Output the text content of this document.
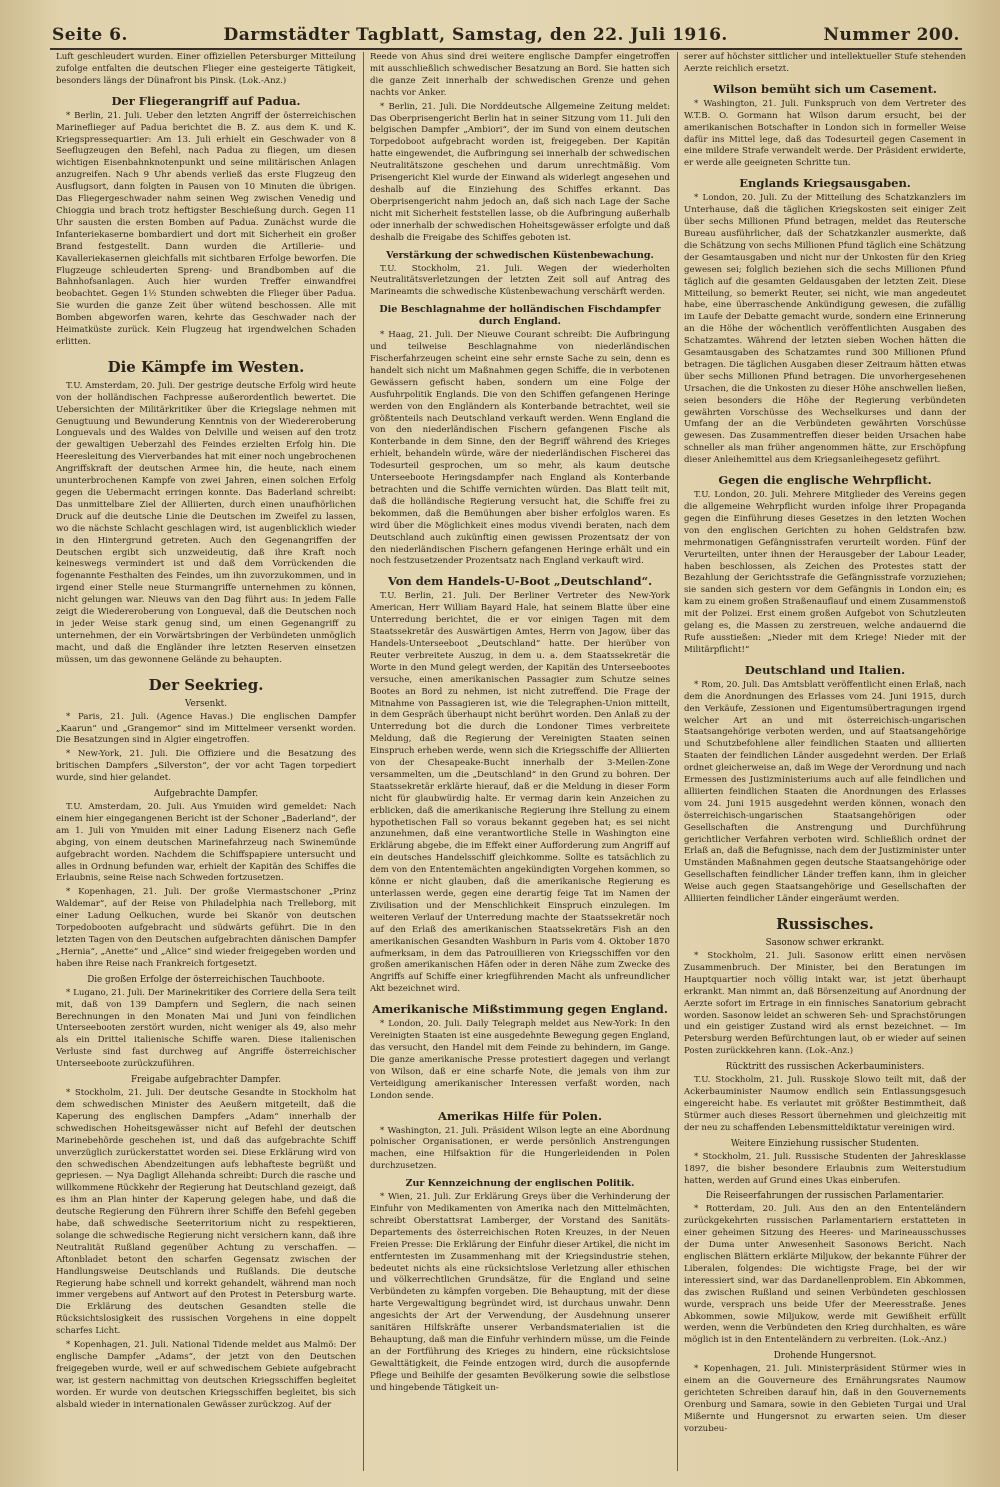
Seite 6.	Darmstädter Tagblatt, Samstag, den 22. Juli 1916.	Nummer 200.

Luft geschleudert wurden. Einer offiziellen Petersburger Mitteilung zufolge entfalten die deutschen Flieger eine gesteigerte Tätigkeit, besonders längs der Dünafront bis Pinsk. (Lok.-Anz.)

Der Fliegerangriff auf Padua.

* Berlin, 21. Juli. Ueber den letzten Angriff der österreichischen Marineflieger auf Padua berichtet die B. Z. aus dem K. und K. Kriegspressequartier: Am 13. Juli erhielt ein Geschwader von 8 Seeflugzeugen den Befehl, nach Padua zu fliegen, um diesen wichtigen Eisenbahnknotenpunkt und seine militärischen Anlagen anzugreifen. Nach 9 Uhr abends verließ das erste Flugzeug den Ausflugsort, dann folgten in Pausen von 10 Minuten die übrigen. Das Fliegergeschwader nahm seinen Weg zwischen Venedig und Chioggia und brach trotz heftigster Beschießung durch. Gegen 11 Uhr sausten die ersten Bomben auf Padua. Zunächst wurde die Infanteriekaserne bombardiert und dort mit Sicherheit ein großer Brand festgestellt. Dann wurden die Artillerie- und Kavalleriekasernen gleichfalls mit sichtbaren Erfolge beworfen. Die Flugzeuge schleuderten Spreng- und Brandbomben auf die Bahnhofsanlagen. Auch hier wurden Treffer einwandfrei beobachtet. Gegen 1½ Stunden schwebten die Flieger über Padua. Sie wurden die ganze Zeit über wütend beschossen. Alle mit Bomben abgeworfen waren, kehrte das Geschwader nach der Heimatküste zurück. Kein Flugzeug hat irgendwelchen Schaden erlitten.

Die Kämpfe im Westen.

T.U. Amsterdam, 20. Juli. Der gestrige deutsche Erfolg wird heute von der holländischen Fachpresse außerordentlich bewertet. Die Uebersichten der Militärkritiker über die Kriegslage nehmen mit Genugtuung und Bewunderung Kenntnis von der Wiedereroberung Longuevals und des Waldes von Delville und weisen auf den trotz der gewaltigen Ueberzahl des Feindes erzielten Erfolg hin. Die Heeresleitung des Vierverbandes hat mit einer noch ungebrochenen Angriffskraft der deutschen Armee hin, die heute, nach einem ununterbrochenen Kampfe von zwei Jahren, einen solchen Erfolg gegen die Uebermacht erringen konnte. Das Baderland schreibt: Das unmittelbare Ziel der Alliierten, durch einen unaufhörlichen Druck auf die deutsche Linie die Deutschen im Zweifel zu lassen, wo die nächste Schlacht geschlagen wird, ist augenblicklich wieder in den Hintergrund getreten. Auch den Gegenangriffen der Deutschen ergibt sich unzweideutig, daß ihre Kraft noch keineswegs vermindert ist und daß dem Vorrückenden die fogenannte Festhalten des Feindes, um ihn zuvorzukommen, und in irgend einer Stelle neue Sturmangriffe unternehmen zu können, nicht gelungen war. Nieuws van den Dag führt aus: In jedem Falle zeigt die Wiedereroberung von Longueval, daß die Deutschen noch in jeder Weise stark genug sind, um einen Gegenangriff zu unternehmen, der ein Vorwärtsbringen der Verbündeten unmöglich macht, und daß die Engländer ihre letzten Reserven einsetzen müssen, um das gewonnene Gelände zu behaupten.

Der Seekrieg.
Versenkt.

* Paris, 21. Juli. (Agence Havas.) Die englischen Dampfer „Kaarun“ und „Grangemor“ sind im Mittelmeer versenkt worden. Die Besatzungen sind in Algier eingetroffen.

* New-York, 21. Juli. Die Offiziere und die Besatzung des britischen Dampfers „Silverston“, der vor acht Tagen torpediert wurde, sind hier gelandet.

Aufgebrachte Dampfer.

T.U. Amsterdam, 20. Juli. Aus Ymuiden wird gemeldet: Nach einem hier eingegangenen Bericht ist der Schoner „Baderland“, der am 1. Juli von Ymuiden mit einer Ladung Eisenerz nach Gefle abging, von einem deutschen Marinefahrzeug nach Swinemünde aufgebracht worden. Nachdem die Schiffspapiere untersucht und alles in Ordnung befunden war, erhielt der Kapitän des Schiffes die Erlaubnis, seine Reise nach Schweden fortzusetzen.

* Kopenhagen, 21. Juli. Der große Viermastschoner „Prinz Waldemar“, auf der Reise von Philadelphia nach Trelleborg, mit einer Ladung Oelkuchen, wurde bei Skanör von deutschen Torpedobooten aufgebracht und südwärts geführt. Die in den letzten Tagen von den Deutschen aufgebrachten dänischen Dampfer „Hernia“, „Anette“ und „Alice“ sind wieder freigegeben worden und haben ihre Reise nach Frankreich fortgesetzt.

Die großen Erfolge der österreichischen Tauchboote.

* Lugano, 21. Juli. Der Marinekritiker des Corriere della Sera teilt mit, daß von 139 Dampfern und Seglern, die nach seinen Berechnungen in den Monaten Mai und Juni von feindlichen Unterseebooten zerstört wurden, nicht weniger als 49, also mehr als ein Drittel italienische Schiffe waren. Diese italienischen Verluste sind fast durchweg auf Angriffe österreichischer Unterseeboote zurückzuführen.

Freigabe aufgebrachter Dampfer.

* Stockholm, 21. Juli. Der deutsche Gesandte in Stockholm hat dem schwedischen Minister des Aeußern mitgeteilt, daß die Kaperung des englischen Dampfers „Adam“ innerhalb der schwedischen Hoheitsgewässer nicht auf Befehl der deutschen Marinebehörde geschehen ist, und daß das aufgebrachte Schiff unverzüglich zurückerstattet worden sei. Diese Erklärung wird von den schwedischen Abendzeitungen aufs lebhafteste begrüßt und gepriesen. — Nya Dagligt Allehanda schreibt: Durch die rasche und willkommene Rückkehr der Regierung hat Deutschland gezeigt, daß es ihm an Plan hinter der Kaperung gelegen habe, und daß die deutsche Regierung den Führern ihrer Schiffe den Befehl gegeben habe, daß schwedische Seeterritorium nicht zu respektieren, solange die schwedische Regierung nicht versichern kann, daß ihre Neutralität Rußland gegenüber Achtung zu verschaffen. — Aftonbladet betont den scharfen Gegensatz zwischen der Handlungsweise Deutschlands und Rußlands. Die deutsche Regierung habe schnell und korrekt gehandelt, während man noch immer vergebens auf Antwort auf den Protest in Petersburg warte. Die Erklärung des deutschen Gesandten stelle die Rücksichtslosigkeit des russischen Vorgehens in eine doppelt scharfes Licht.

* Kopenhagen, 21. Juli. National Tidende meldet aus Malmö: Der englische Dampfer „Adams“, der jetzt von den Deutschen freigegeben wurde, weil er auf schwedischem Gebiete aufgebracht war, ist gestern nachmittag von deutschen Kriegsschiffen begleitet worden. Er wurde von deutschen Kriegsschiffen begleitet, bis sich alsbald wieder in internationalen Gewässer zurückzog. Auf der

Reede von Ahus sind drei weitere englische Dampfer eingetroffen mit ausschließlich schwedischer Besatzung an Bord. Sie hatten sich die ganze Zeit innerhalb der schwedischen Grenze und gehen nachts vor Anker.

* Berlin, 21. Juli. Die Norddeutsche Allgemeine Zeitung meldet: Das Oberprisengericht Berlin hat in seiner Sitzung vom 11. Juli den belgischen Dampfer „Ambiori“, der im Sund von einem deutschen Torpedoboot aufgebracht worden ist, freigegeben. Der Kapitän hatte eingewendet, die Aufbringung sei innerhalb der schwedischen Neutralitätszone geschehen und darum unrechtmäßig. Vom Prisengericht Kiel wurde der Einwand als widerlegt angesehen und deshalb auf die Einziehung des Schiffes erkannt. Das Oberprisengericht nahm jedoch an, daß sich nach Lage der Sache nicht mit Sicherheit feststellen lasse, ob die Aufbringung außerhalb oder innerhalb der schwedischen Hoheitsgewässer erfolgte und daß deshalb die Freigabe des Schiffes geboten ist.

Verstärkung der schwedischen Küstenbewachung.

T.U. Stockholm, 21. Juli. Wegen der wiederholten Neutralitätsverletzungen der letzten Zeit soll auf Antrag des Marineamts die schwedische Küstenbewachung verschärft werden.

Die Beschlagnahme der holländischen Fischdampfer durch England.

* Haag, 21. Juli. Der Nieuwe Courant schreibt: Die Aufbringung und teilweise Beschlagnahme von niederländischen Fischerfahrzeugen scheint eine sehr ernste Sache zu sein, denn es handelt sich nicht um Maßnahmen gegen Schiffe, die in verbotenen Gewässern gefischt haben, sondern um eine Folge der Ausfuhrpolitik Englands. Die von den Schiffen gefangenen Heringe werden von den Engländern als Konterbande betrachtet, weil sie größtenteils nach Deutschland verkauft werden. Wenn England die von den niederländischen Fischern gefangenen Fische als Konterbande in dem Sinne, den der Begriff während des Krieges erhielt, behandeln würde, wäre der niederländischen Fischerei das Todesurteil gesprochen, um so mehr, als kaum deutsche Unterseeboote Heringsdampfer nach England als Konterbande betrachten und die Schiffe vernichten würden. Das Blatt teilt mit, daß die holländische Regierung versucht hat, die Schiffe frei zu bekommen, daß die Bemühungen aber bisher erfolglos waren. Es wird über die Möglichkeit eines modus vivendi beraten, nach dem Deutschland auch zukünftig einen gewissen Prozentsatz der von den niederländischen Fischern gefangenen Heringe erhält und ein noch festzusetzender Prozentsatz nach England verkauft wird.

Von dem Handels-U-Boot „Deutschland“.

T.U. Berlin, 21. Juli. Der Berliner Vertreter des New-York American, Herr William Bayard Hale, hat seinem Blatte über eine Unterredung berichtet, die er vor einigen Tagen mit dem Staatssekretär des Auswärtigen Amtes, Herrn von Jagow, über das Handels-Unterseeboot „Deutschland“ hatte. Der hierüber von Reuter verbreitete Auszug, in dem u. a. dem Staatssekretär die Worte in den Mund gelegt werden, der Kapitän des Unterseebootes versuche, einen amerikanischen Passagier zum Schutze seines Bootes an Bord zu nehmen, ist nicht zutreffend. Die Frage der Mitnahme von Passagieren ist, wie die Telegraphen-Union mitteilt, in dem Gespräch überhaupt nicht berührt worden. Den Anlaß zu der Unterredung bot die durch die Londoner Times verbreitete Meldung, daß die Regierung der Vereinigten Staaten seinen Einspruch erheben werde, wenn sich die Kriegsschiffe der Alliierten von der Chesapeake-Bucht innerhalb der 3-Meilen-Zone versammelten, um die „Deutschland“ in den Grund zu bohren. Der Staatssekretär erklärte hierauf, daß er die Meldung in dieser Form nicht für glaubwürdig halte. Er vermag darin kein Anzeichen zu erblicken, daß die amerikanische Regierung ihre Stellung zu einem hypothetischen Fall so voraus bekannt gegeben hat; es sei nicht anzunehmen, daß eine verantwortliche Stelle in Washington eine Erklärung abgebe, die im Effekt einer Aufforderung zum Angriff auf ein deutsches Handelsschiff gleichkomme. Sollte es tatsächlich zu dem von den Ententemächten angekündigten Vorgehen kommen, so könne er nicht glauben, daß die amerikanische Regierung es unterlassen werde, gegen eine derartig feige Tat im Namen der Zivilisation und der Menschlichkeit Einspruch einzulegen. Im weiteren Verlauf der Unterredung machte der Staatssekretär noch auf den Erlaß des amerikanischen Staatssekretärs Fish an den amerikanischen Gesandten Washburn in Paris vom 4. Oktober 1870 aufmerksam, in dem das Patrouillieren von Kriegsschiffen vor den großen amerikanischen Häfen oder in deren Nähe zum Zwecke des Angriffs auf Schiffe einer kriegführenden Macht als unfreundlicher Akt bezeichnet wird.

Amerikanische Mißstimmung gegen England.

* London, 20. Juli. Daily Telegraph meldet aus New-York: In den Vereinigten Staaten ist eine ausgedehnte Bewegung gegen England, das versucht, den Handel mit dem Feinde zu behindern, im Gange. Die ganze amerikanische Presse protestiert dagegen und verlangt von Wilson, daß er eine scharfe Note, die jemals von ihm zur Verteidigung amerikanischer Interessen verfaßt worden, nach London sende.

Amerikas Hilfe für Polen.

* Washington, 21. Juli. Präsident Wilson legte an eine Abordnung polnischer Organisationen, er werde persönlich Anstrengungen machen, eine Hilfsaktion für die Hungerleidenden in Polen durchzusetzen.

Zur Kennzeichnung der englischen Politik.

* Wien, 21. Juli. Zur Erklärung Greys über die Verhinderung der Einfuhr von Medikamenten von Amerika nach den Mittelmächten, schreibt Oberstattsrat Lamberger, der Vorstand des Sanitäts-Departements des österreichischen Roten Kreuzes, in der Neuen Freien Presse: Die Erklärung der Einfuhr dieser Artikel, die nicht im entferntesten im Zusammenhang mit der Kriegsindustrie stehen, bedeutet nichts als eine rücksichtslose Verletzung aller ethischen und völkerrechtlichen Grundsätze, für die England und seine Verbündeten zu kämpfen vorgeben. Die Behauptung, mit der diese harte Vergewaltigung begründet wird, ist durchaus unwahr. Denn angesichts der Art der Verwendung, der Ausdehnung unserer sanitären Hilfskräfte unserer Verbandsmaterialien ist die Behauptung, daß man die Einfuhr verhindern müsse, um die Feinde an der Fortführung des Krieges zu hindern, eine rücksichtslose Gewalttätigkeit, die Feinde entzogen wird, durch die ausopfernde Pflege und Beihilfe der gesamten Bevölkerung sowie die selbstlose und hingebende Tätigkeit un-

serer auf höchster sittlicher und intellektueller Stufe stehenden Aerzte reichlich ersetzt.

Wilson bemüht sich um Casement.

* Washington, 21. Juli. Funkspruch von dem Vertreter des W.T.B. O. Gormann hat Wilson darum ersucht, bei der amerikanischen Botschafter in London sich in formeller Weise dafür ins Mittel lege, daß das Todesurteil gegen Casement in eine mildere Strafe verwandelt werde. Der Präsident erwiderte, er werde alle geeigneten Schritte tun.

Englands Kriegsausgaben.

* London, 20. Juli. Zu der Mitteilung des Schatzkanzlers im Unterhause, daß die täglichen Kriegskosten seit einiger Zeit über sechs Millionen Pfund betragen, meldet das Reutersche Bureau ausführlicher, daß der Schatzkanzler ausmerkte, daß die Schätzung von sechs Millionen Pfund täglich eine Schätzung der Gesamtausgaben und nicht nur der Unkosten für den Krieg gewesen sei; folglich beziehen sich die sechs Millionen Pfund täglich auf die gesamten Geldausgaben der letzten Zeit. Diese Mitteilung, so bemerkt Reuter, sei nicht, wie man angedeutet habe, eine überraschende Ankündigung gewesen, die zufällig im Laufe der Debatte gemacht wurde, sondern eine Erinnerung an die Höhe der wöchentlich veröffentlichten Ausgaben des Schatzamtes. Während der letzten sieben Wochen hätten die Gesamtausgaben des Schatzamtes rund 300 Millionen Pfund betragen. Die täglichen Ausgaben dieser Zeitraum hätten etwas über sechs Millionen Pfund betragen. Die unvorhergesehenen Ursachen, die die Unkosten zu dieser Höhe anschwellen ließen, seien besonders die Höhe der Regierung verbündeten gewährten Vorschüsse des Wechselkurses und dann der Umfang der an die Verbündeten gewährten Vorschüsse gewesen. Das Zusammentreffen dieser beiden Ursachen habe schneller als man früher angenommen hätte, zur Erschöpfung dieser Anleihemittel aus dem Kriegsanleihegesetz geführt.

Gegen die englische Wehrpflicht.

T.U. London, 20. Juli. Mehrere Mitglieder des Vereins gegen die allgemeine Wehrpflicht wurden infolge ihrer Propaganda gegen die Einführung dieses Gesetzes in den letzten Wochen von den englischen Gerichten zu hohen Geldstrafen bzw. mehrmonatigen Gefängnisstrafen verurteilt worden. Fünf der Verurteilten, unter ihnen der Herausgeber der Labour Leader, haben beschlossen, als Zeichen des Protestes statt der Bezahlung der Gerichtsstrafe die Gefängnisstrafe vorzuziehen; sie sanden sich gestern vor dem Gefängnis in London ein; es kam zu einem großen Straßenauflauf und einem Zusammenstoß mit der Polizei. Erst einem großen Aufgebot von Schutzleuten gelang es, die Massen zu zerstreuen, welche andauernd die Rufe ausstießen: „Nieder mit dem Kriege! Nieder mit der Militärpflicht!“

Deutschland und Italien.

* Rom, 20. Juli. Das Amtsblatt veröffentlicht einen Erlaß, nach dem die Anordnungen des Erlasses vom 24. Juni 1915, durch den Verkäufe, Zessionen und Eigentumsübertragungen irgend welcher Art an und mit österreichisch-ungarischen Staatsangehörige verboten werden, und auf Staatsangehörige und Schutzbefohlene aller feindlichen Staaten und alliierten Staaten der feindlichen Länder ausgedehnt werden. Der Erlaß ordnet gleicherweise an, daß im Wege der Verordnung und nach Ermessen des Justizministeriums auch auf alle feindlichen und alliierten feindlichen Staaten die Anordnungen des Erlasses vom 24. Juni 1915 ausgedehnt werden können, wonach den österreichisch-ungarischen Staatsangehörigen oder Gesellschaften die Anstrengung und Durchführung gerichtlicher Verfahren verboten wird. Schließlich ordnet der Erlaß an, daß die Befugnisse, nach dem der Justizminister unter Umständen Maßnahmen gegen deutsche Staatsangehörige oder Gesellschaften feindlicher Länder treffen kann, ihm in gleicher Weise auch gegen Staatsangehörige und Gesellschaften der Alliierten feindlicher Länder eingeräumt werden.

Russisches.
Sasonow schwer erkrankt.

* Stockholm, 21. Juli. Sasonow erlitt einen nervösen Zusammenbruch. Der Minister, bei den Beratungen im Hauptquartier noch völlig intakt war, ist jetzt überhaupt erkrankt. Man nimmt an, daß Börsenzeitung auf Anordnung der Aerzte sofort im Ertrage in ein finnisches Sanatorium gebracht worden. Sasonow leidet an schweren Seh- und Sprachstörungen und ein geistiger Zustand wird als ernst bezeichnet. — Im Petersburg werden Befürchtungen laut, ob er wieder auf seinen Posten zurückkehren kann. (Lok.-Anz.)

Rücktritt des russischen Ackerbauministers.

T.U. Stockholm, 21. Juli. Russkoje Slowo teilt mit, daß der Ackerbauminister Naumow endlich sein Entlassungsgesuch eingereicht habe. Es verlautet mit größter Bestimmtheit, daß Stürmer auch dieses Ressort übernehmen und gleichzeitig mit der neu zu schaffenden Lebensmitteldiktatur vereinigen wird.

Weitere Einziehung russischer Studenten.

* Stockholm, 21. Juli. Russische Studenten der Jahresklasse 1897, die bisher besondere Erlaubnis zum Weiterstudium hatten, werden auf Grund eines Ukas einberufen.

Die Reiseerfahrungen der russischen Parlamentarier.

* Rotterdam, 20. Juli. Aus den an den Ententeländern zurückgekehrten russischen Parlamentariern erstatteten in einer geheimen Sitzung des Heeres- und Marineausschusses der Duma unter Anwesenheit Sasonows Bericht. Nach englischen Blättern erklärte Miljukow, der bekannte Führer der Liberalen, folgendes: Die wichtigste Frage, bei der wir interessiert sind, war das Dardanellenproblem. Ein Abkommen, das zwischen Rußland und seinen Verbündeten geschlossen wurde, versprach uns beide Ufer der Meeresstraße. Jenes Abkommen, sowie Miljukow, werde mit Gewißheit erfüllt werden, wenn die Verbündeten den Krieg durchhalten, es wäre möglich ist in den Ententeländern zu verbreiten. (Lok.-Anz.)

Drohende Hungersnot.

* Kopenhagen, 21. Juli. Ministerpräsident Stürmer wies in einem an die Gouverneure des Ernährungsrates Naumow gerichteten Schreiben darauf hin, daß in den Gouvernements Orenburg und Samara, sowie in den Gebieten Turgai und Ural Mißernte und Hungersnot zu erwarten seien. Um dieser vorzubeu-
